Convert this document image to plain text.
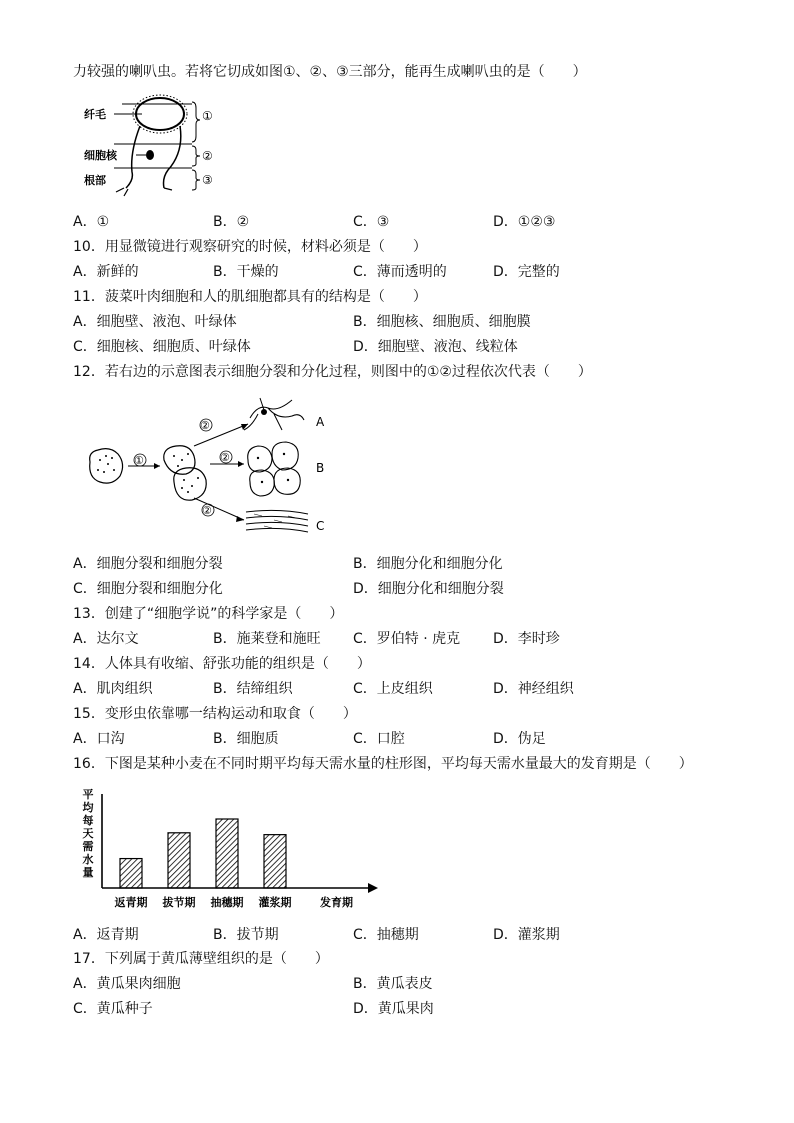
力较强的喇叭虫。若将它切成如图①、②、③三部分，能再生成喇叭虫的是（　　）
纤毛
细胞核
根部
①
②
③
A．①	B．②	C．③	D．①②③
10．用显微镜进行观察研究的时候，材料必须是（　　）
A．新鲜的	B．干燥的	C．薄而透明的	D．完整的
11．菠菜叶肉细胞和人的肌细胞都具有的结构是（　　）
A．细胞壁、液泡、叶绿体	B．细胞核、细胞质、细胞膜
C．细胞核、细胞质、叶绿体	D．细胞壁、液泡、线粒体
12．若右边的示意图表示细胞分裂和分化过程，则图中的①②过程依次代表（　　）
①
②	A
②
B
②
C
A．细胞分裂和细胞分裂	B．细胞分化和细胞分化
C．细胞分裂和细胞分化	D．细胞分化和细胞分裂
13．创建了“细胞学说”的科学家是（　　）
A．达尔文	B．施莱登和施旺 C．罗伯特 · 虎克 D．李时珍
14．人体具有收缩、舒张功能的组织是（　　）
A．肌肉组织	B．结缔组织	C．上皮组织	D．神经组织
15．变形虫依靠哪一结构运动和取食（　　）
A．口沟	B．细胞质	C．口腔	D．伪足
16．下图是某种小麦在不同时期平均每天需水量的柱形图，平均每天需水量最大的发育期是（　　）
平均每天需水量
返青期 拔节期 抽穗期 灌浆期	发育期
A．返青期	B．拔节期	C．抽穗期	D．灌浆期
17．下列属于黄瓜薄壁组织的是（　　）
A．黄瓜果肉细胞	B．黄瓜表皮
C．黄瓜种子	D．黄瓜果肉
